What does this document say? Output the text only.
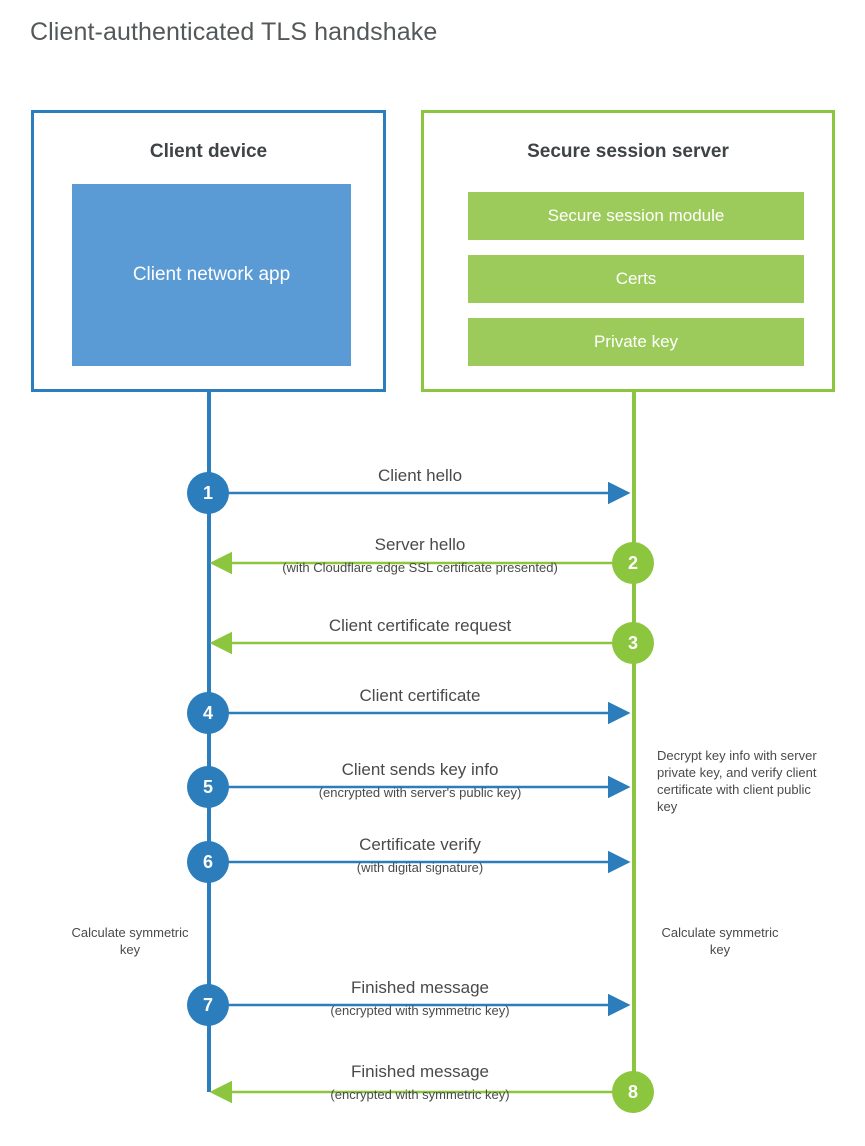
Client-authenticated TLS handshake
Client device
Client network app
Secure session server
Secure session module
Certs
Private key
1
2
3
4
5
6
7
8
Client hello
Server hello
(with Cloudflare edge SSL certificate presented)
Client certificate request
Client certificate
Client sends key info
(encrypted with server's public key)
Certificate verify
(with digital signature)
Finished message
(encrypted with symmetric key)
Finished message
(encrypted with symmetric key)
Decrypt key info with server private key, and verify client certificate with client public key
Calculate symmetric key
Calculate symmetric key
